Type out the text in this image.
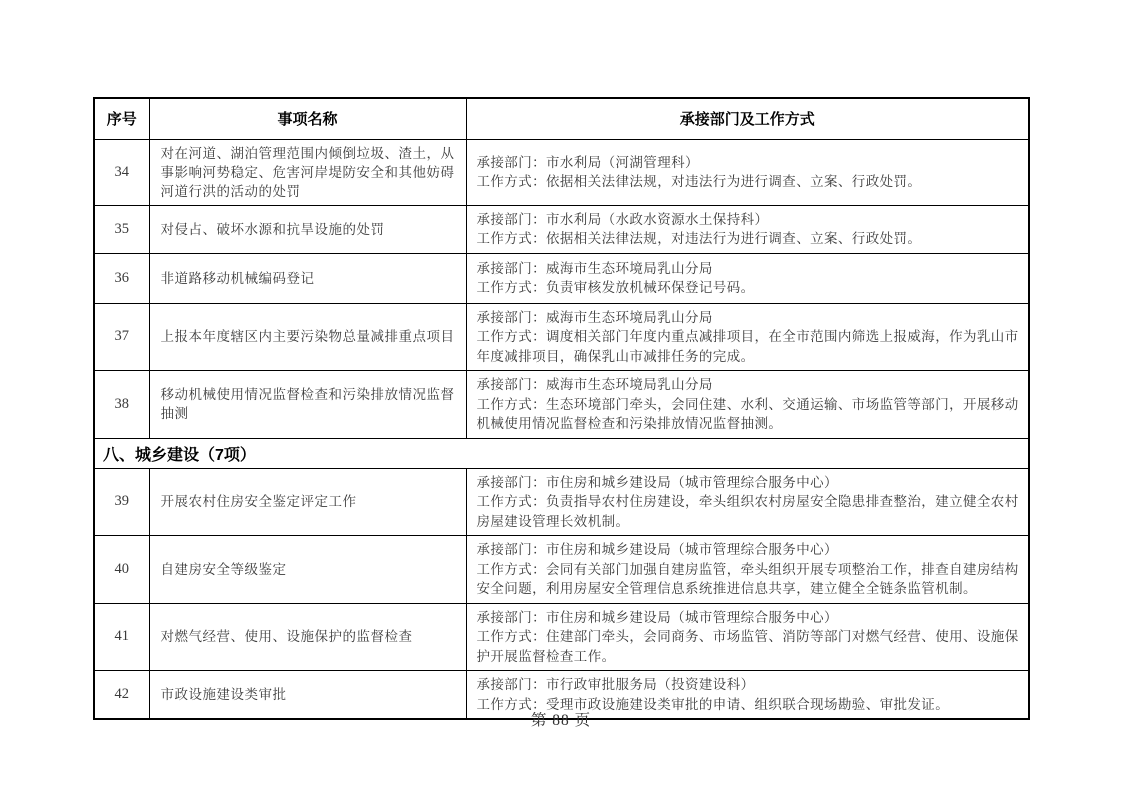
序号	事项名称	承接部门及工作方式
34	对在河道、湖泊管理范围内倾倒垃圾、渣土，从事影响河势稳定、危害河岸堤防安全和其他妨碍河道行洪的活动的处罚	承接部门：市水利局（河湖管理科）
工作方式：依据相关法律法规，对违法行为进行调查、立案、行政处罚。

35	对侵占、破坏水源和抗旱设施的处罚	承接部门：市水利局（水政水资源水土保持科）
工作方式：依据相关法律法规，对违法行为进行调查、立案、行政处罚。

36	非道路移动机械编码登记	承接部门：威海市生态环境局乳山分局
工作方式：负责审核发放机械环保登记号码。

37	上报本年度辖区内主要污染物总量减排重点项目	承接部门：威海市生态环境局乳山分局
工作方式：调度相关部门年度内重点减排项目，在全市范围内筛选上报威海，作为乳山市年度减排项目，确保乳山市减排任务的完成。

38	移动机械使用情况监督检查和污染排放情况监督抽测	承接部门：威海市生态环境局乳山分局
工作方式：生态环境部门牵头，会同住建、水利、交通运输、市场监管等部门，开展移动机械使用情况监督检查和污染排放情况监督抽测。

八、城乡建设（7项）		
39	开展农村住房安全鉴定评定工作	承接部门：市住房和城乡建设局（城市管理综合服务中心）
工作方式：负责指导农村住房建设，牵头组织农村房屋安全隐患排查整治，建立健全农村房屋建设管理长效机制。

40	自建房安全等级鉴定	承接部门：市住房和城乡建设局（城市管理综合服务中心）
工作方式：会同有关部门加强自建房监管，牵头组织开展专项整治工作，排查自建房结构安全问题，利用房屋安全管理信息系统推进信息共享，建立健全全链条监管机制。

41	对燃气经营、使用、设施保护的监督检查	承接部门：市住房和城乡建设局（城市管理综合服务中心）
工作方式：住建部门牵头，会同商务、市场监管、消防等部门对燃气经营、使用、设施保护开展监督检查工作。

42	市政设施建设类审批	承接部门：市行政审批服务局（投资建设科）
工作方式：受理市政设施建设类审批的申请、组织联合现场勘验、审批发证。
第 88 页
